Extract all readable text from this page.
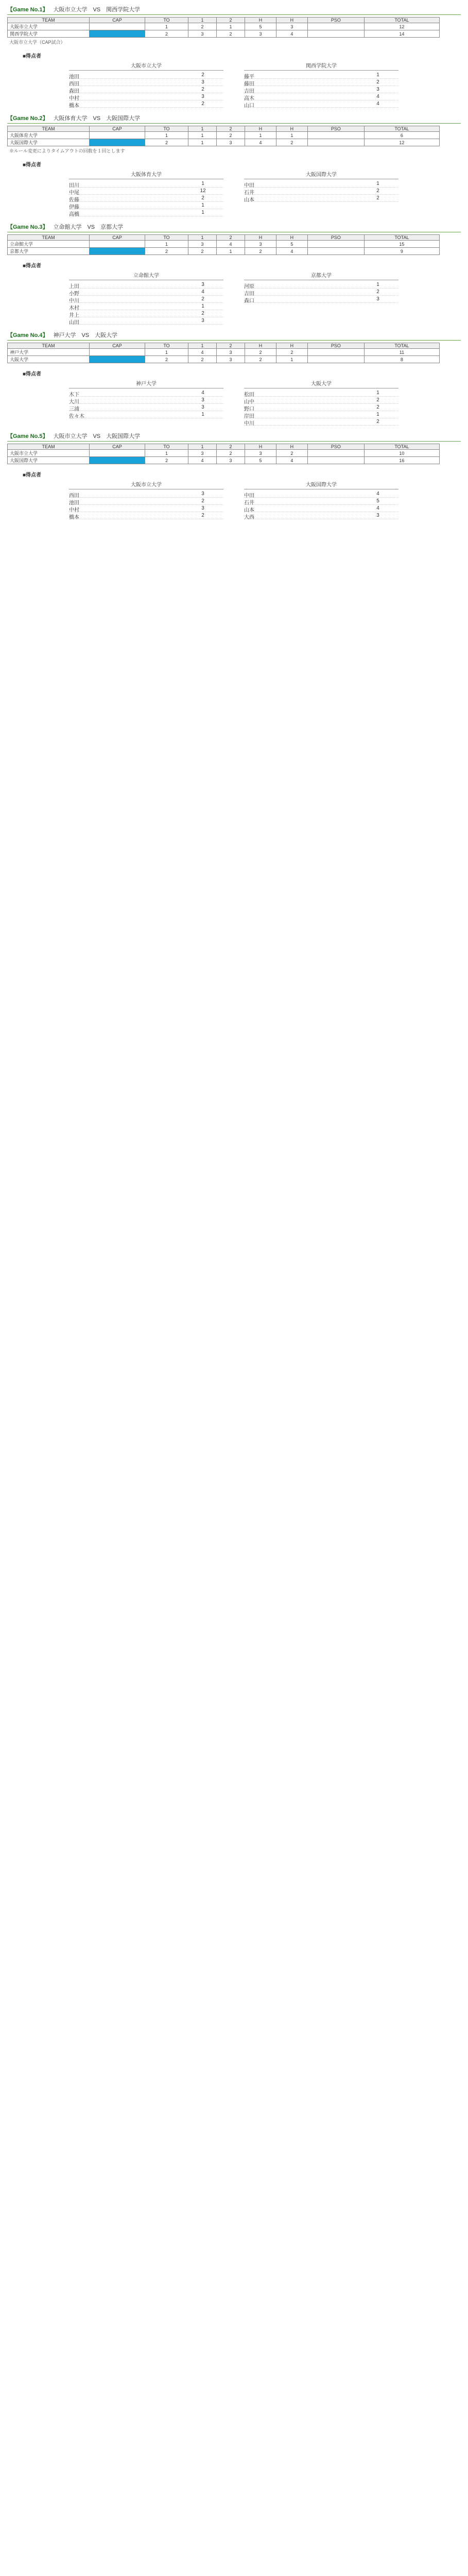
【Game No.1】 大阪市立大学　VS　関西学院大学
TEAM	CAP	TO	1	2	H	H	PSO	TOTAL
大阪市立大学		1	2	1	5	3		12
関西学院大学		2	3	2	3	4		14
大阪市立大学（CAP試合）
■得点者
大阪市立大学
池田	2
西田	3
森田	2
中村	3
橋本	2
関西学院大学
藤平	1
藤田	2
吉田	3
高木	4
山口	4
【Game No.2】 大阪体育大学　VS　大阪国際大学
TEAM	CAP	TO	1	2	H	H	PSO	TOTAL
大阪体育大学		1	1	2	1	1		6
大阪国際大学		2	1	3	4	2		12
※ルール変更によりタイムアウトの回数を１回とします
■得点者
大阪体育大学
田川	1
中尾	12
佐藤	2
伊藤	1
高橋	1
大阪国際大学
中田	1
石井	2
山本	2
【Game No.3】 立命館大学　VS　京都大学
TEAM	CAP	TO	1	2	H	H	PSO	TOTAL
立命館大学		1	3	4	3	5		15
京都大学		2	2	1	2	4		9
■得点者
立命館大学
上田	3
小野	4
中川	2
木村	1
井上	2
山田	3
京都大学
河原	1
吉田	2
森口	3
【Game No.4】 神戸大学　VS　大阪大学
TEAM	CAP	TO	1	2	H	H	PSO	TOTAL
神戸大学		1	4	3	2	2		11
大阪大学		2	2	3	2	1		8
■得点者
神戸大学
木下	4
大川	3
三浦	3
佐々木	1
大阪大学
松田	1
山中	2
野口	2
岸田	1
中川	2
【Game No.5】 大阪市立大学　VS　大阪国際大学
TEAM	CAP	TO	1	2	H	H	PSO	TOTAL
大阪市立大学		1	3	2	3	2		10
大阪国際大学		2	4	3	5	4		16
■得点者
大阪市立大学
西田	3
池田	2
中村	3
橋本	2
大阪国際大学
中田	4
石井	5
山本	4
大西	3
